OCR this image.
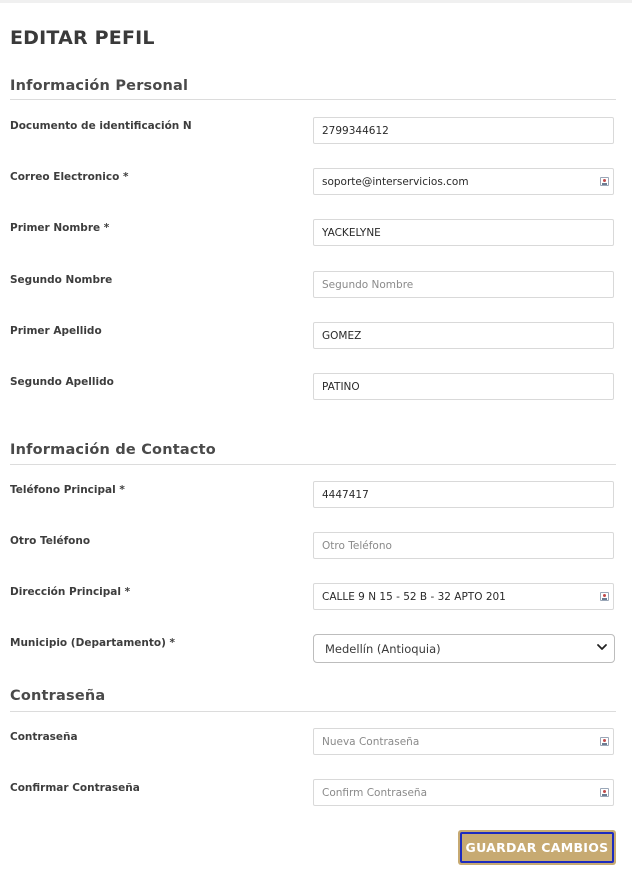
EDITAR PEFIL
Información Personal
Documento de identificación N
2799344612
Correo Electronico *
soporte@interservicios.com
Primer Nombre *
YACKELYNE
Segundo Nombre
Segundo Nombre
Primer Apellido
GOMEZ
Segundo Apellido
PATIÑO
Información de Contacto
Teléfono Principal *
4447417
Otro Teléfono
Otro Teléfono
Dirección Principal *
CALLE 9 N 15 - 52 B - 32 APTO 201
Municipio (Departamento) *	Medellín (Antioquia)
Contraseña
Contraseña
Confirmar Contraseña
GUARDAR CAMBIOS
